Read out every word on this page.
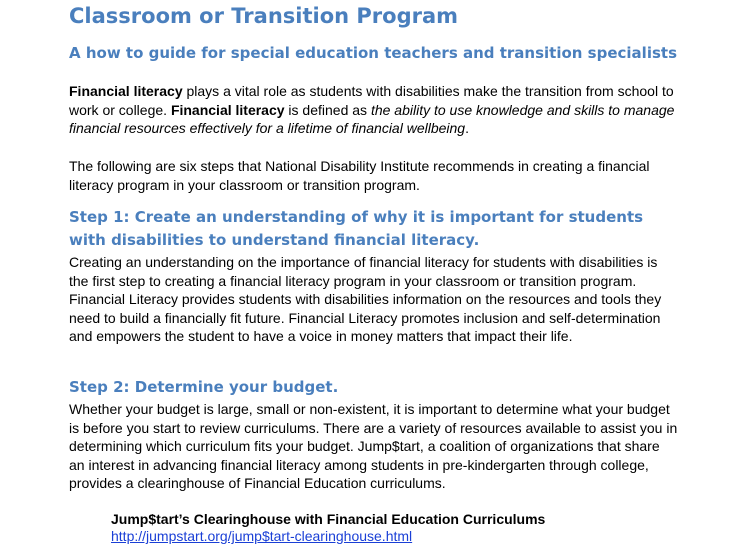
Classroom or Transition Program
A how to guide for special education teachers and transition specialists

Financial literacy plays a vital role as students with disabilities make the transition from school to work or college. Financial literacy is defined as the ability to use knowledge and skills to manage financial resources effectively for a lifetime of financial wellbeing.

The following are six steps that National Disability Institute recommends in creating a financial literacy program in your classroom or transition program.

Step 1: Create an understanding of why it is important for students with disabilities to understand financial literacy.

Creating an understanding on the importance of financial literacy for students with disabilities is the first step to creating a financial literacy program in your classroom or transition program. Financial Literacy provides students with disabilities information on the resources and tools they need to build a financially fit future. Financial Literacy promotes inclusion and self-determination and empowers the student to have a voice in money matters that impact their life.

Step 2: Determine your budget.

Whether your budget is large, small or non-existent, it is important to determine what your budget is before you start to review curriculums. There are a variety of resources available to assist you in determining which curriculum fits your budget. Jump$tart, a coalition of organizations that share an interest in advancing financial literacy among students in pre-kindergarten through college, provides a clearinghouse of Financial Education curriculums.

Jump$tart’s Clearinghouse with Financial Education Curriculums

http://jumpstart.org/jump$tart-clearinghouse.html
